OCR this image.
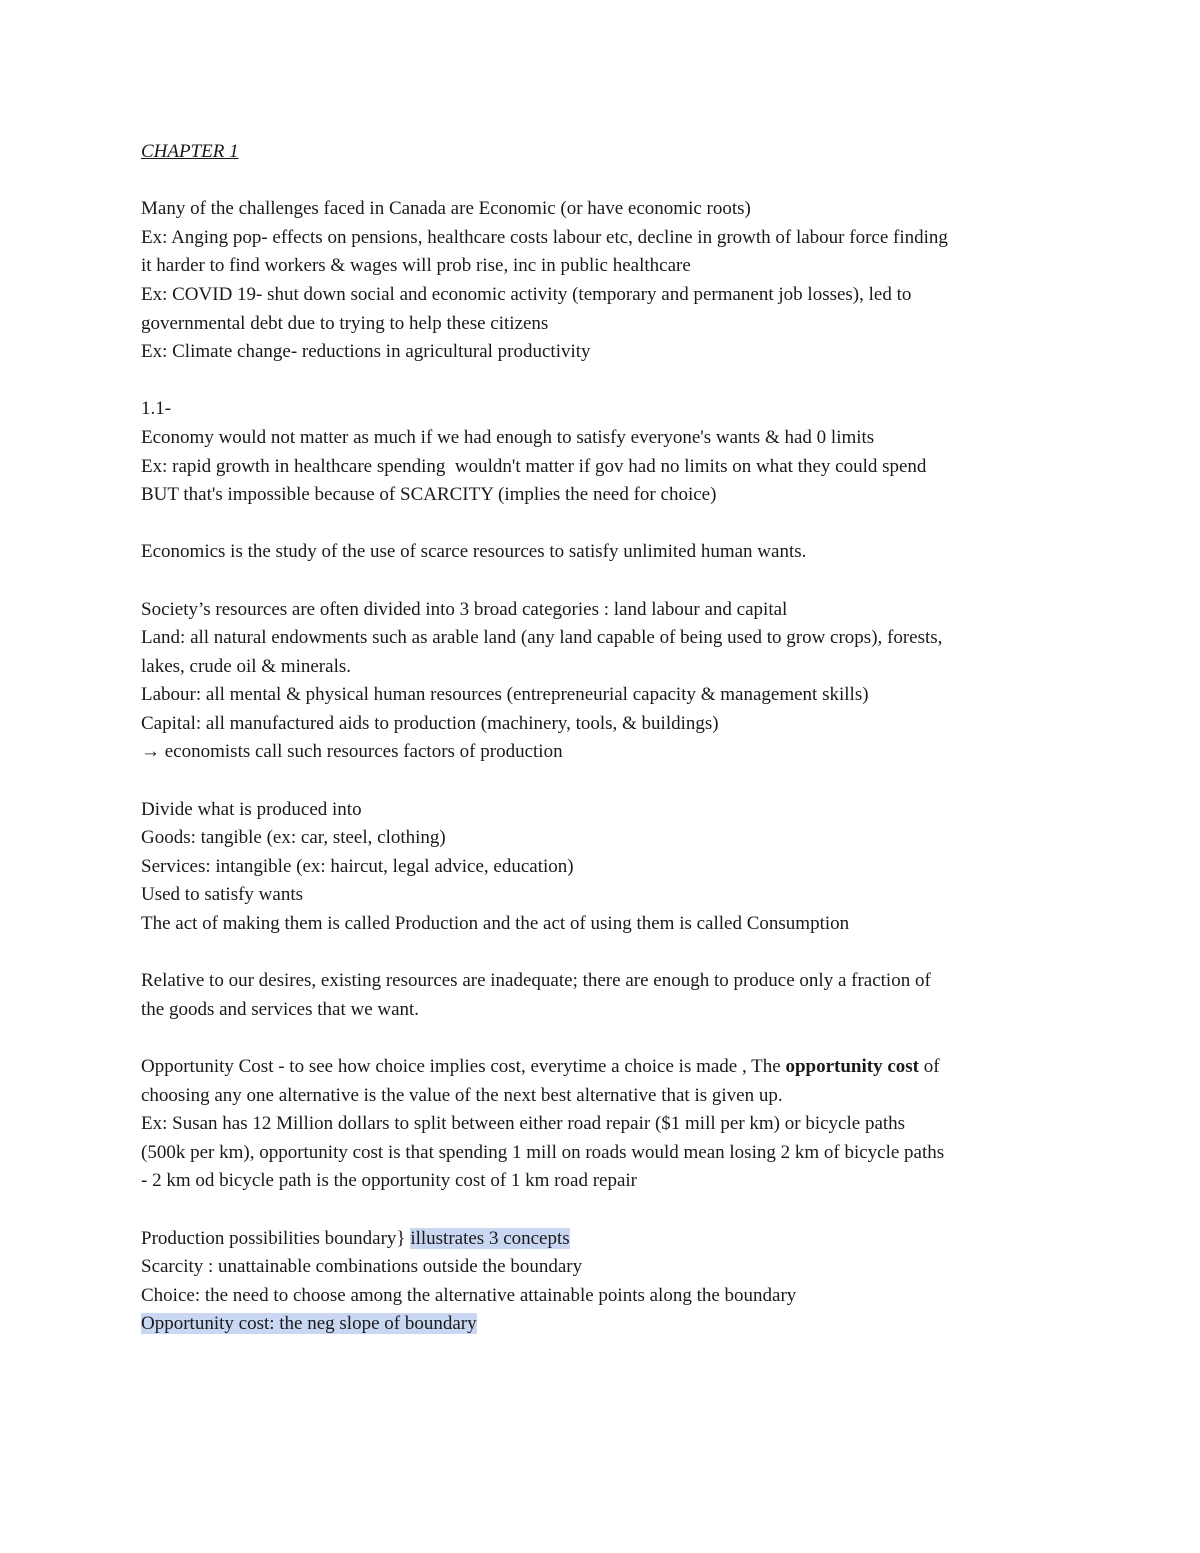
CHAPTER 1
Many of the challenges faced in Canada are Economic (or have economic roots)
Ex: Anging pop- effects on pensions, healthcare costs labour etc, decline in growth of labour force finding
it harder to find workers & wages will prob rise, inc in public healthcare
Ex: COVID 19- shut down social and economic activity (temporary and permanent job losses), led to
governmental debt due to trying to help these citizens
Ex: Climate change- reductions in agricultural productivity
1.1-
Economy would not matter as much if we had enough to satisfy everyone's wants & had 0 limits
Ex: rapid growth in healthcare spending  wouldn't matter if gov had no limits on what they could spend
BUT that's impossible because of SCARCITY (implies the need for choice)
Economics is the study of the use of scarce resources to satisfy unlimited human wants.
Society’s resources are often divided into 3 broad categories : land labour and capital
Land: all natural endowments such as arable land (any land capable of being used to grow crops), forests,
lakes, crude oil & minerals.
Labour: all mental & physical human resources (entrepreneurial capacity & management skills)
Capital: all manufactured aids to production (machinery, tools, & buildings)
→ economists call such resources factors of production
Divide what is produced into
Goods: tangible (ex: car, steel, clothing)
Services: intangible (ex: haircut, legal advice, education)
Used to satisfy wants
The act of making them is called Production and the act of using them is called Consumption
Relative to our desires, existing resources are inadequate; there are enough to produce only a fraction of
the goods and services that we want.
Opportunity Cost - to see how choice implies cost, everytime a choice is made , The opportunity cost of
choosing any one alternative is the value of the next best alternative that is given up.
Ex: Susan has 12 Million dollars to split between either road repair ($1 mill per km) or bicycle paths
(500k per km), opportunity cost is that spending 1 mill on roads would mean losing 2 km of bicycle paths
- 2 km od bicycle path is the opportunity cost of 1 km road repair
Production possibilities boundary} illustrates 3 concepts
Scarcity : unattainable combinations outside the boundary
Choice: the need to choose among the alternative attainable points along the boundary
Opportunity cost: the neg slope of boundary
